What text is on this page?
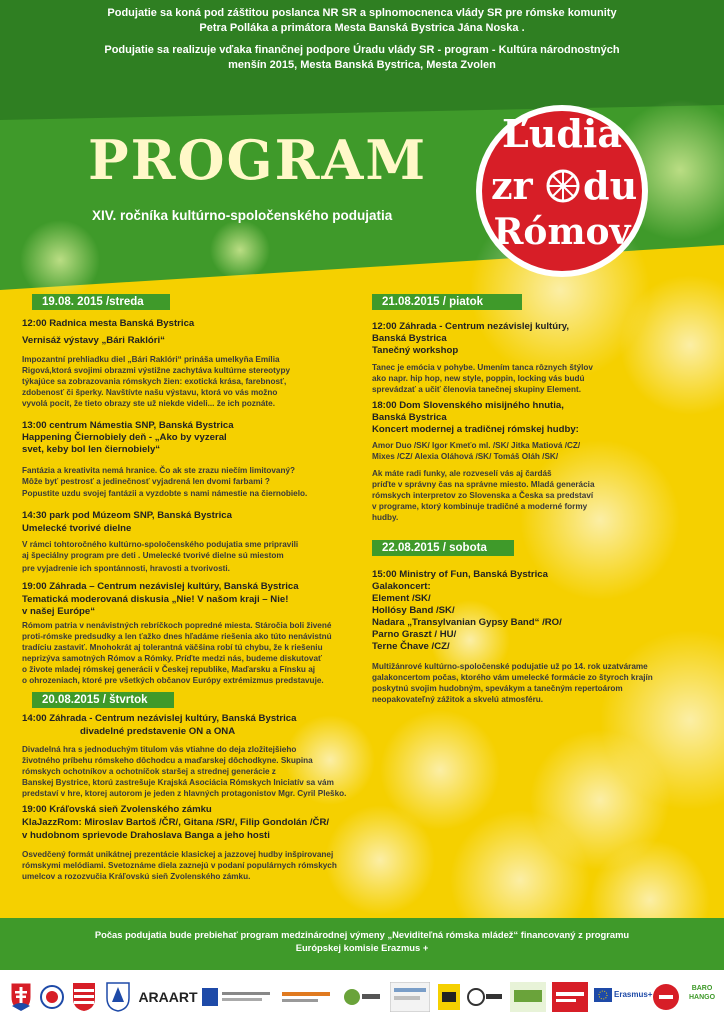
Podujatie sa koná pod záštitou poslanca NR SR a splnomocnenca vlády SR pre rómske komunity
Petra Polláka a primátora Mesta Banská Bystrica Jána Noska .
Podujatie sa realizuje vďaka finančnej podpore Úradu vlády SR - program - Kultúra národnostných
menšín 2015, Mesta Banská Bystrica, Mesta Zvolen
PROGRAM
XIV. ročníka kultúrno-spoločenského podujatia
Ľudia
zr du
Rómov
19.08. 2015 /streda
20.08.2015 / štvrtok
21.08.2015 / piatok
22.08.2015 / sobota
12:00 Radnica mesta Banská Bystrica
Vernisáž výstavy „Bári Raklóri“
Impozantní prehliadku diel „Bári Raklóri“ prináša umelkyňa Emília
Rigová,ktorá svojimi obrazmi výstižne zachytáva kultúrne stereotypy
týkajúce sa zobrazovania rómskych žien: exotická krása, farebnosť,
zdobenosť či šperky. Navštívte našu výstavu, ktorá vo vás možno
vyvolá pocit, že tieto obrazy ste už niekde videli... že ich poznáte.
13:00 centrum Námestia SNP, Banská Bystrica
Happening Čiernobiely deň - „Ako by vyzeral
svet, keby bol len čiernobiely“
Fantázia a kreativita nemá hranice. Čo ak ste zrazu niečím limitovaný?
Môže byť pestrosť a jedinečnosť vyjadrená len dvomi farbami ?
Popustite uzdu svojej fantázii a vyzdobte s nami námestie na čiernobielo.
14:30 park pod Múzeom SNP, Banská Bystrica
Umelecké tvorivé dielne
V rámci tohtoročného kultúrno-spoločenského podujatia sme pripravili
aj špeciálny program pre deti . Umelecké tvorivé dielne sú miestom
pre vyjadrenie ich spontánnosti, hravosti a tvorivosti.
19:00 Záhrada – Centrum nezávislej kultúry, Banská Bystrica
Tematická moderovaná diskusia „Nie! V našom kraji – Nie!
v našej Európe“
Rómom patria v nenávistných rebríčkoch popredné miesta. Stáročia boli živené
proti-rómske predsudky a len ťažko dnes hľadáme riešenia ako túto nenávistnú
tradíciu zastaviť. Mnohokrát aj tolerantná väčšina robí tú chybu, že k riešeniu
neprizýva samotných Rómov a Rómky. Príďte medzi nás, budeme diskutovať
o živote mladej rómskej generácii v Českej republike, Maďarsku a Fínsku aj
o ohrozeniach, ktoré pre všetkých občanov Európy extrémizmus predstavuje.
14:00 Záhrada - Centrum nezávislej kultúry, Banská Bystrica
divadelné predstavenie ON a ONA
Divadelná hra s jednoduchým titulom vás vtiahne do deja zložitejšieho
životného príbehu rómskeho dôchodcu a maďarskej dôchodkyne. Skupina
rómskych ochotníkov a ochotníčok staršej a strednej generácie z
Banskej Bystrice, ktorú zastrešuje Krajská Asociácia Rómskych Iniciatív sa vám
predstaví v hre, ktorej autorom je jeden z hlavných protagonistov Mgr. Cyril Pleško.
19:00 Kráľovská sieň Zvolenského zámku
KlaJazzRom: Miroslav Bartoš /ČR/, Gitana /SR/, Filip Gondolán /ČR/
v hudobnom sprievode Drahoslava Banga a jeho hosti
Osvedčený formát unikátnej prezentácie klasickej a jazzovej hudby inšpirovanej
rómskymi melódiami. Svetoznáme diela zaznejú v podaní populárnych rómskych
umelcov a rozozvučia Kráľovskú sieň Zvolenského zámku.
12:00 Záhrada - Centrum nezávislej kultúry,
Banská Bystrica
Tanečný workshop
Tanec je emócia v pohybe. Umením tanca rôznych štýlov
ako napr. hip hop, new style, poppin, locking vás budú
sprevádzať a učiť členovia tanečnej skupiny Element.
18:00 Dom Slovenského misijného hnutia,
Banská Bystrica
Koncert modernej a tradičnej rómskej hudby:
Amor Duo /SK/ Igor Kmeťo ml. /SK/ Jitka Matiová /CZ/
Mixes /CZ/ Alexia Oláhová /SK/ Tomáš Oláh /SK/
Ak máte radi funky, ale rozveselí vás aj čardáš
príďte v správny čas na správne miesto. Mladá generácia
rómskych interpretov zo Slovenska a Česka sa predstaví
v programe, ktorý kombinuje tradičné a moderné formy
hudby.
15:00 Ministry of Fun, Banská Bystrica
Galakoncert:
Element /SK/
Hollósy Band /SK/
Nadara „Transylvanian Gypsy Band“ /RO/
Parno Graszt / HU/
Terne Čhave /CZ/
Multižánrové kultúrno-spoločenské podujatie už po 14. rok uzatvárame
galakoncertom počas, ktorého vám umelecké formácie zo štyroch krajín
poskytnú svojim hudobným, spevákym a tanečným repertoárom
neopakovateľný zážitok a skvelú atmosféru.
Počas podujatia bude prebiehať program medzinárodnej výmeny „Neviditeľná rómska mládež“ financovaný z programu
Európskej komisie Erazmus +
ARAART	Erasmus+
BARO HANGO
